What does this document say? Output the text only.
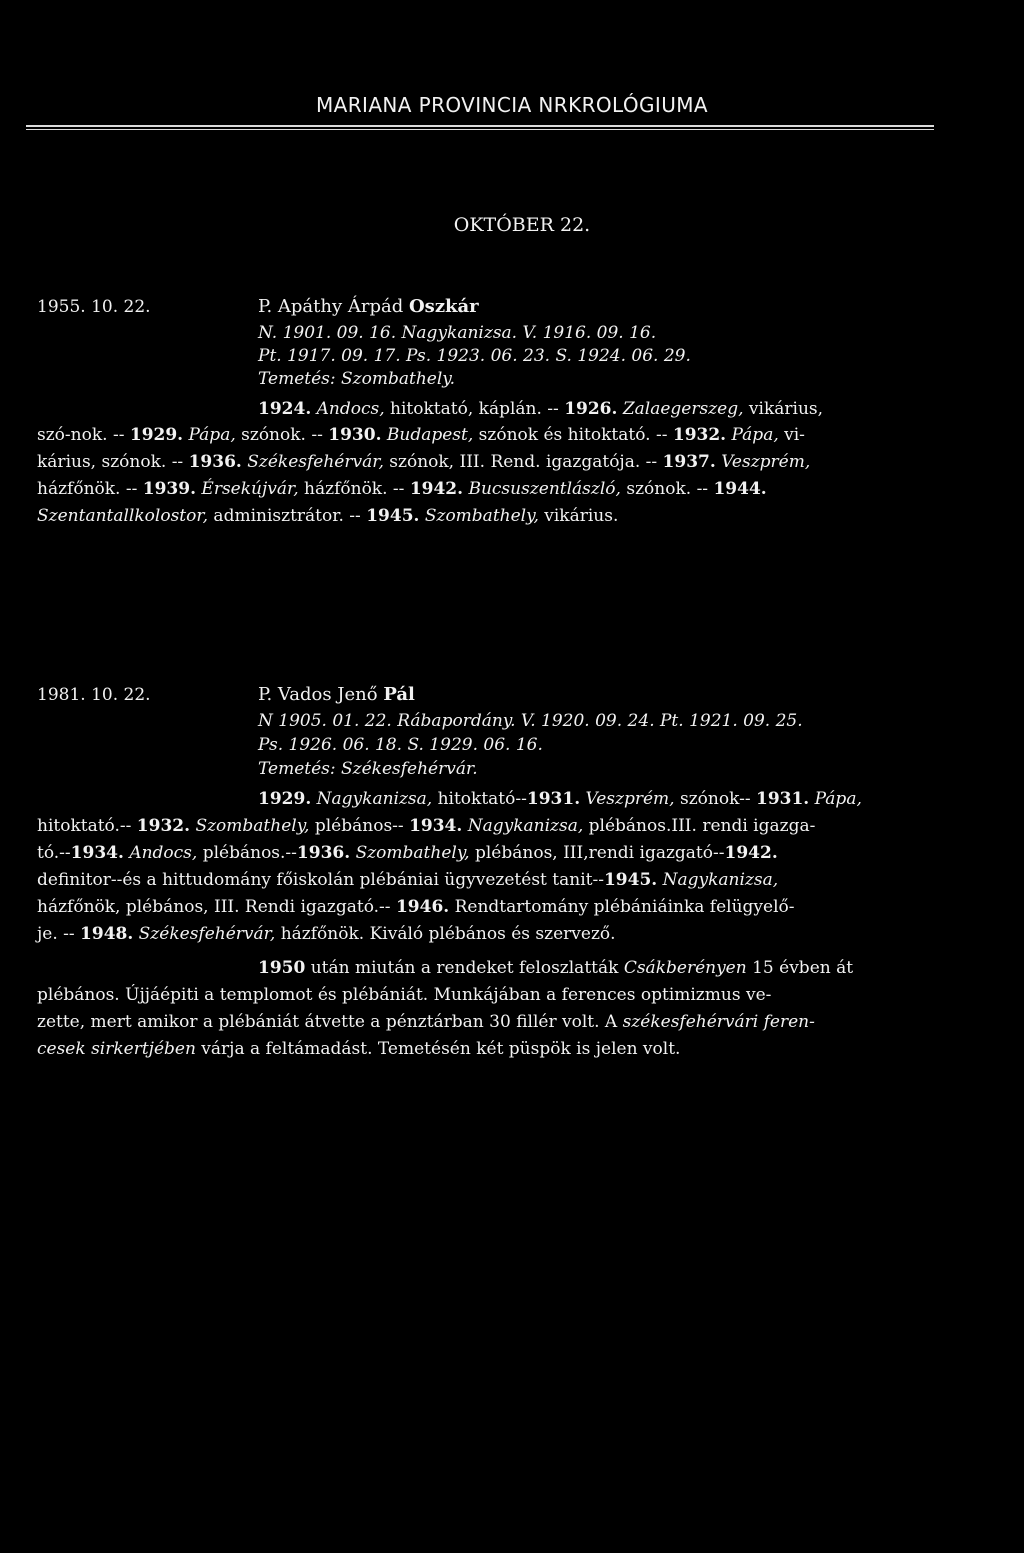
MARIANA PROVINCIA NRKROLÓGIUMA
OKTÓBER 22.
1955. 10. 22.	P. Apáthy Árpád Oszkár
N. 1901. 09. 16. Nagykanizsa. V. 1916. 09. 16.
Pt. 1917. 09. 17. Ps. 1923. 06. 23. S. 1924. 06. 29.
Temetés: Szombathely.
1924. Andocs, hitoktató, káplán. -- 1926. Zalaegerszeg, vikárius,
szó-nok. -- 1929. Pápa, szónok. -- 1930. Budapest, szónok és hitoktató. -- 1932. Pápa, vi-
kárius, szónok. -- 1936. Székesfehérvár, szónok, III. Rend. igazgatója. -- 1937. Veszprém,
házfőnök. -- 1939. Érsekújvár, házfőnök. -- 1942. Bucsuszentlászló, szónok. -- 1944.
Szentantallkolostor, adminisztrátor. -- 1945. Szombathely, vikárius.
1981. 10. 22.	P. Vados Jenő Pál
N 1905. 01. 22. Rábapordány. V. 1920. 09. 24. Pt. 1921. 09. 25.
Ps. 1926. 06. 18. S. 1929. 06. 16.
Temetés: Székesfehérvár.
1929. Nagykanizsa, hitoktató--1931. Veszprém, szónok-- 1931. Pápa,
hitoktató.-- 1932. Szombathely, plébános-- 1934. Nagykanizsa, plébános.III. rendi igazga-
tó.--1934. Andocs, plébános.--1936. Szombathely, plébános, III,rendi igazgató--1942.
definitor--és a hittudomány főiskolán plébániai ügyvezetést tanit--1945. Nagykanizsa,
házfőnök, plébános, III. Rendi igazgató.-- 1946. Rendtartomány plébániáinka felügyelő-
je. -- 1948. Székesfehérvár, házfőnök. Kiváló plébános és szervező.
1950 után miután a rendeket feloszlatták Csákberényen 15 évben át
plébános. Újjáépiti a templomot és plébániát. Munkájában a ferences optimizmus ve-
zette, mert amikor a plébániát átvette a pénztárban 30 fillér volt. A székesfehérvári feren-
cesek sirkertjében várja a feltámadást. Temetésén két püspök is jelen volt.
